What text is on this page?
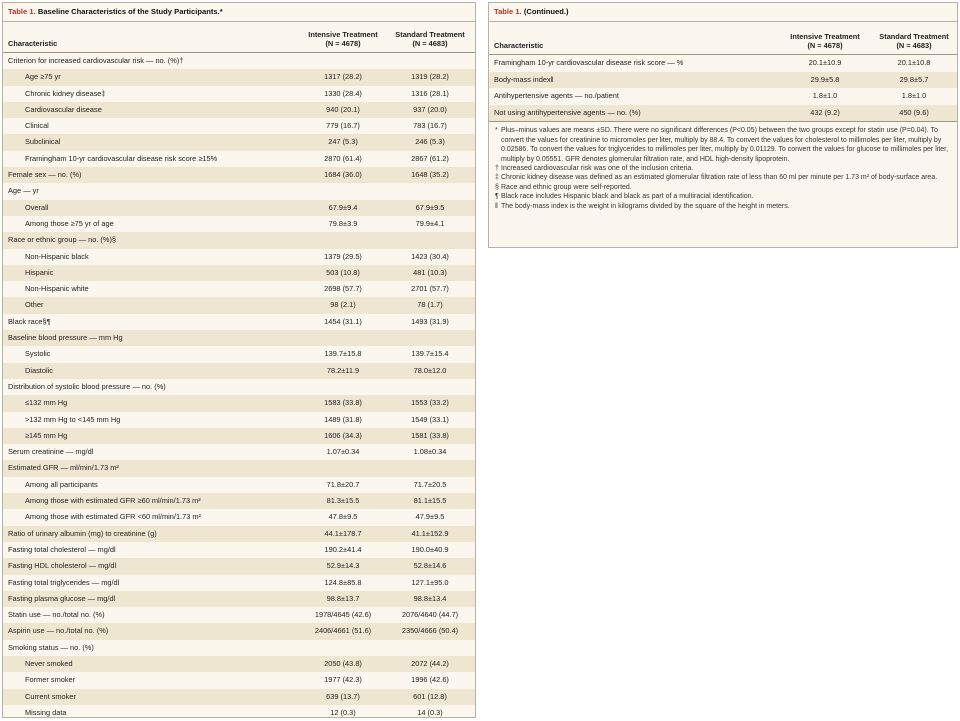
Table 1. Baseline Characteristics of the Study Participants.*
Characteristic
Intensive Treatment
(N = 4678)
Standard Treatment
(N = 4683)
Criterion for increased cardiovascular risk — no. (%)†
Age ≥75 yr	1317 (28.2)	1319 (28.2)
Chronic kidney disease‡	1330 (28.4)	1316 (28.1)
Cardiovascular disease	940 (20.1)	937 (20.0)
Clinical	779 (16.7)	783 (16.7)
Subclinical	247 (5.3)	246 (5.3)
Framingham 10-yr cardiovascular disease risk score ≥15%	2870 (61.4)	2867 (61.2)
Female sex — no. (%)	1684 (36.0)	1648 (35.2)
Age — yr
Overall	67.9±9.4	67.9±9.5
Among those ≥75 yr of age	79.8±3.9	79.9±4.1
Race or ethnic group — no. (%)§
Non-Hispanic black	1379 (29.5)	1423 (30.4)
Hispanic	503 (10.8)	481 (10.3)
Non-Hispanic white	2698 (57.7)	2701 (57.7)
Other	98 (2.1)	78 (1.7)
Black race§¶	1454 (31.1)	1493 (31.9)
Baseline blood pressure — mm Hg
Systolic	139.7±15.8	139.7±15.4
Diastolic	78.2±11.9	78.0±12.0
Distribution of systolic blood pressure — no. (%)
≤132 mm Hg	1583 (33.8)	1553 (33.2)
>132 mm Hg to <145 mm Hg	1489 (31.8)	1549 (33.1)
≥145 mm Hg	1606 (34.3)	1581 (33.8)
Serum creatinine — mg/dl	1.07±0.34	1.08±0.34
Estimated GFR — ml/min/1.73 m²
Among all participants	71.8±20.7	71.7±20.5
Among those with estimated GFR ≥60 ml/min/1.73 m²	81.3±15.5	81.1±15.5
Among those with estimated GFR <60 ml/min/1.73 m²	47.8±9.5	47.9±9.5
Ratio of urinary albumin (mg) to creatinine (g)	44.1±178.7	41.1±152.9
Fasting total cholesterol — mg/dl	190.2±41.4	190.0±40.9
Fasting HDL cholesterol — mg/dl	52.9±14.3	52.8±14.6
Fasting total triglycerides — mg/dl	124.8±85.8	127.1±95.0
Fasting plasma glucose — mg/dl	98.8±13.7	98.8±13.4
Statin use — no./total no. (%)	1978/4645 (42.6)	2076/4640 (44.7)
Aspirin use — no./total no. (%)	2406/4661 (51.6)	2350/4666 (50.4)
Smoking status — no. (%)
Never smoked	2050 (43.8)	2072 (44.2)
Former smoker	1977 (42.3)	1996 (42.6)
Current smoker	639 (13.7)	601 (12.8)
Missing data	12 (0.3)	14 (0.3)
Table 1. (Continued.)
Characteristic
Intensive Treatment
(N = 4678)
Standard Treatment
(N = 4683)
Framingham 10-yr cardiovascular disease risk score — %	20.1±10.9	20.1±10.8
Body-mass index‖	29.9±5.8	29.8±5.7
Antihypertensive agents — no./patient	1.8±1.0	1.8±1.0
Not using antihypertensive agents — no. (%)	432 (9.2)	450 (9.6)
* Plus–minus values are means ±SD. There were no significant differences (P<0.05) between the two groups except for statin use (P=0.04). To convert the values for creatinine to micromoles per liter, multiply by 88.4. To convert the values for cholesterol to millimoles per liter, multiply by 0.02586. To convert the values for triglycerides to millimoles per liter, multiply by 0.01129. To convert the values for glucose to millimoles per liter, multiply by 0.05551. GFR denotes glomerular filtration rate, and HDL high-density lipoprotein.
† Increased cardiovascular risk was one of the inclusion criteria.
‡ Chronic kidney disease was defined as an estimated glomerular filtration rate of less than 60 ml per minute per 1.73 m² of body-surface area.
§ Race and ethnic group were self-reported.
¶ Black race includes Hispanic black and black as part of a multiracial identification.
‖ The body-mass index is the weight in kilograms divided by the square of the height in meters.
